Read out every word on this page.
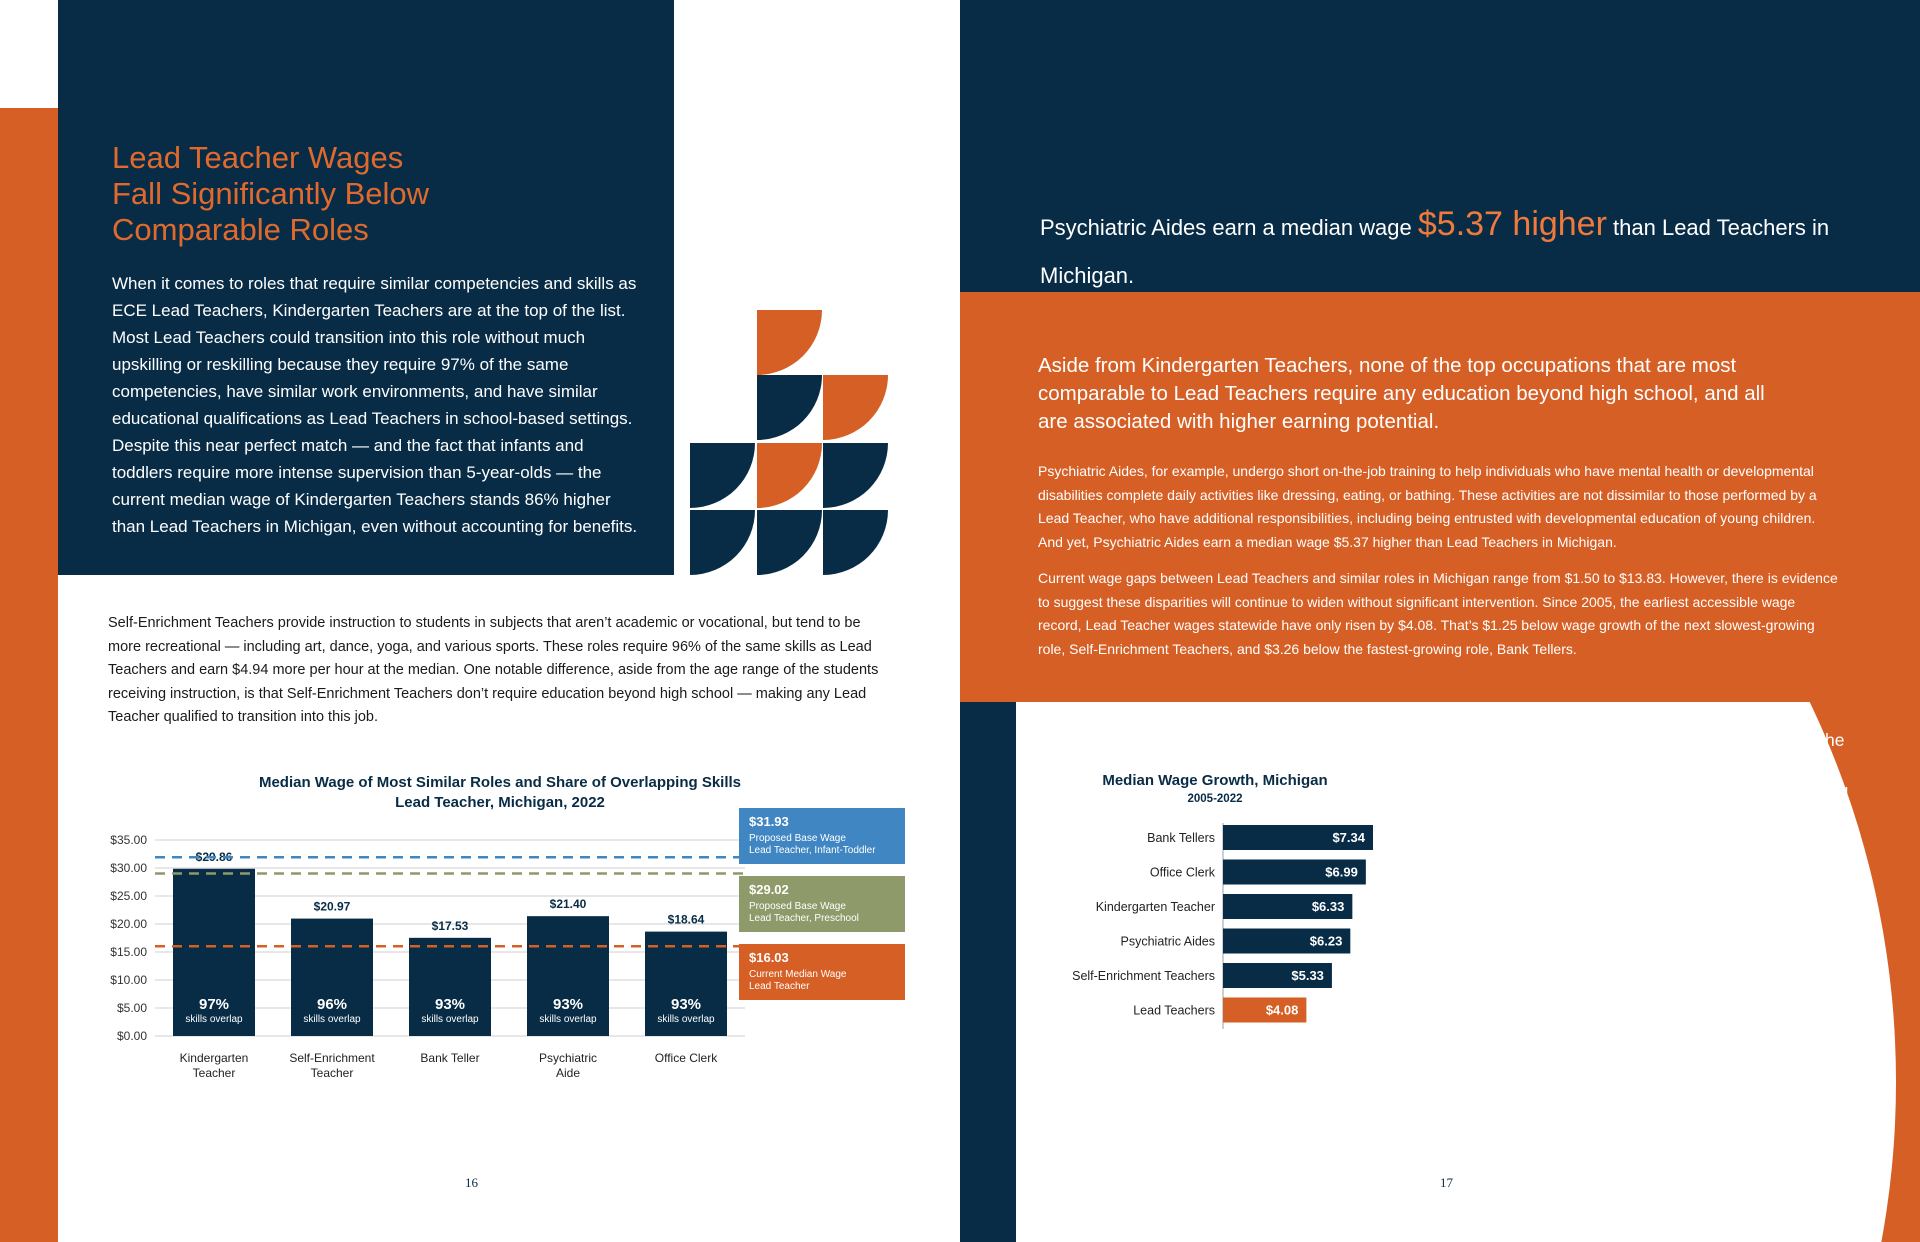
Lead Teacher Wages
Fall Significantly Below
Comparable Roles
When it comes to roles that require similar competencies and skills as ECE Lead Teachers, Kindergarten Teachers are at the top of the list. Most Lead Teachers could transition into this role without much upskilling or reskilling because they require 97% of the same competencies, have similar work environments, and have similar educational qualifications as Lead Teachers in school-based settings. Despite this near perfect match — and the fact that infants and toddlers require more intense supervision than 5-year-olds — the current median wage of Kindergarten Teachers stands 86% higher than Lead Teachers in Michigan, even without accounting for benefits.
Self-Enrichment Teachers provide instruction to students in subjects that aren’t academic or vocational, but tend to be more recreational — including art, dance, yoga, and various sports. These roles require 96% of the same skills as Lead Teachers and earn $4.94 more per hour at the median. One notable difference, aside from the age range of the students receiving instruction, is that Self-Enrichment Teachers don’t require education beyond high school — making any Lead Teacher qualified to transition into this job.
Median Wage of Most Similar Roles and Share of Overlapping Skills
Lead Teacher, Michigan, 2022
$0.00
$5.00
$10.00
$15.00
$20.00
$25.00
$30.00
$35.00
$29.86
97%
skills overlap
Kindergarten
Teacher
$20.97
96%
skills overlap
Self-Enrichment
Teacher
$17.53
93%
skills overlap
Bank Teller
$21.40
93%
skills overlap
Psychiatric
Aide
$18.64
93%
skills overlap
Office Clerk
$31.93
Proposed Base Wage
Lead Teacher, Infant-Toddler
$29.02
Proposed Base Wage
Lead Teacher, Preschool
$16.03
Current Median Wage
Lead Teacher
Psychiatric Aides earn a median wage $5.37 higher than Lead Teachers in Michigan.
Aside from Kindergarten Teachers, none of the top occupations that are most comparable to Lead Teachers require any education beyond high school, and all are associated with higher earning potential.
Psychiatric Aides, for example, undergo short on-the-job training to help individuals who have mental health or developmental disabilities complete daily activities like dressing, eating, or bathing. These activities are not dissimilar to those performed by a Lead Teacher, who have additional responsibilities, including being entrusted with developmental education of young children. And yet, Psychiatric Aides earn a median wage $5.37 higher than Lead Teachers in Michigan.
Current wage gaps between Lead Teachers and similar roles in Michigan range from $1.50 to $13.83. However, there is evidence to suggest these disparities will continue to widen without significant intervention. Since 2005, the earliest accessible wage record, Lead Teacher wages statewide have only risen by $4.08. That’s $1.25 below wage growth of the next slowest-growing role, Self-Enrichment Teachers, and $3.26 below the fastest-growing role, Bank Tellers.
Median Wage Growth, Michigan
2005-2022
$7.34
Bank Tellers
$6.99
Office Clerk
$6.33
Kindergarten Teacher
$6.23
Psychiatric Aides
$5.33
Self-Enrichment Teachers
$4.08
Lead Teachers
Given that $1 in 2005 has the same purchasing power as $1.57 in 2022, the real rate of growth for Lead Teacher wages stands at -16% — meaning Lead Teachers earned about $1.87 less per hour in 2022 than they did in 2005 after accounting for inflation. In comparison, Bank Tellers saw a 22% growth in their purchasing power, which equates to about $2.24 more per hour.
16	17
